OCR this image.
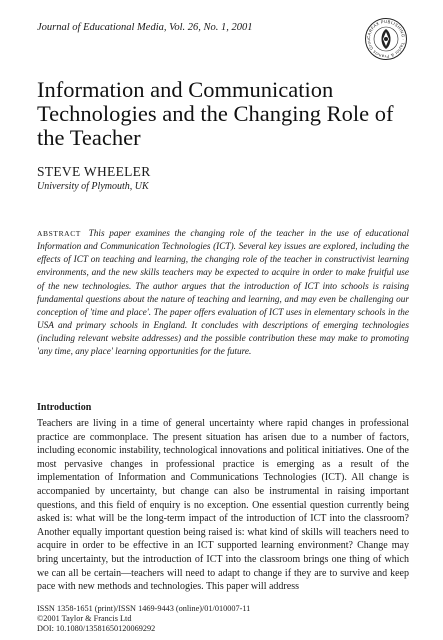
Journal of Educational Media, Vol. 26, No. 1, 2001
CARFAX PUBLISHING · Taylor & Francis Grou
Information and Communication Technologies and the Changing Role of the Teacher
STEVE WHEELER
University of Plymouth, UK
ABSTRACT This paper examines the changing role of the teacher in the use of educational Information and Communication Technologies (ICT). Several key issues are explored, including the effects of ICT on teaching and learning, the changing role of the teacher in constructivist learning environments, and the new skills teachers may be expected to acquire in order to make fruitful use of the new technologies. The author argues that the introduction of ICT into schools is raising fundamental questions about the nature of teaching and learning, and may even be challenging our conception of 'time and place'. The paper offers evaluation of ICT uses in elementary schools in the USA and primary schools in England. It concludes with descriptions of emerging technologies (including relevant website addresses) and the possible contribution these may make to promoting 'any time, any place' learning opportunities for the future.
Introduction
Teachers are living in a time of general uncertainty where rapid changes in professional practice are commonplace. The present situation has arisen due to a number of factors, including economic instability, technological innovations and political initiatives. One of the most pervasive changes in professional practice is emerging as a result of the implementation of Information and Communications Technologies (ICT). All change is accompanied by uncertainty, but change can also be instrumental in raising important questions, and this field of enquiry is no exception. One essential question currently being asked is: what will be the long-term impact of the introduction of ICT into the classroom? Another equally important question being raised is: what kind of skills will teachers need to acquire in order to be effective in an ICT supported learning environment? Change may bring uncertainty, but the introduction of ICT into the classroom brings one thing of which we can all be certain—teachers will need to adapt to change if they are to survive and keep pace with new methods and technologies. This paper will address
ISSN 1358-1651 (print)/ISSN 1469-9443 (online)/01/010007-11
©2001 Taylor & Francis Ltd
DOI: 10.1080/13581650120069292
